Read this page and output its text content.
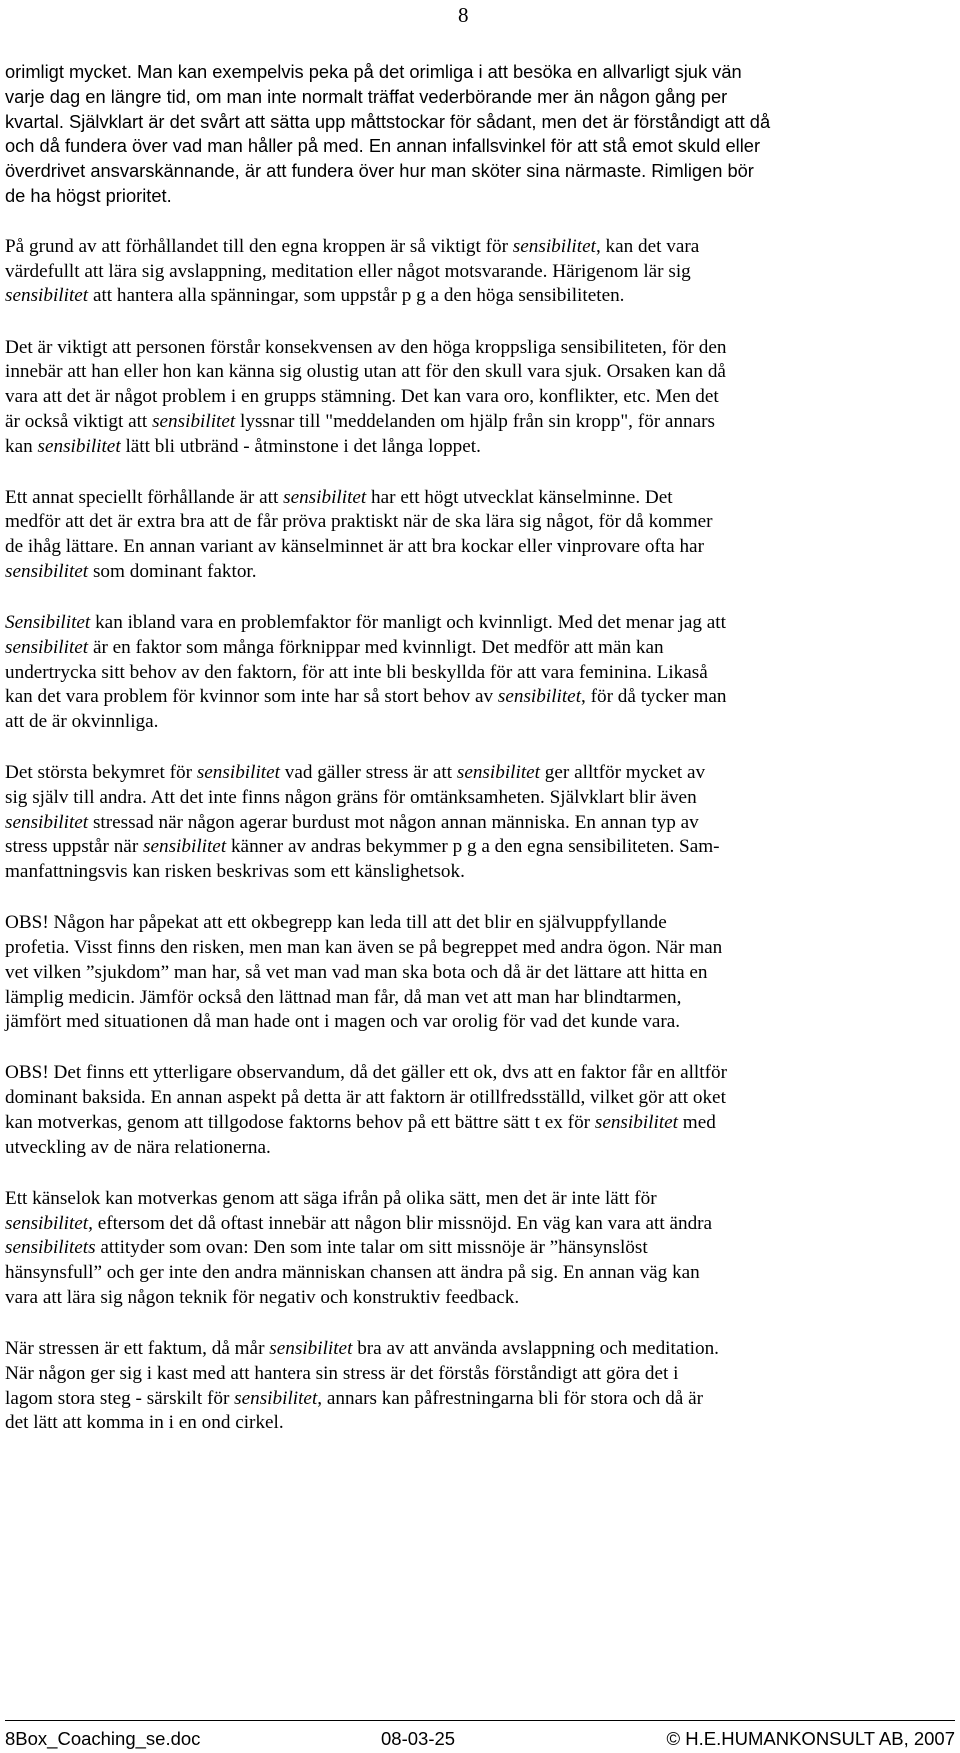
8

orimligt mycket. Man kan exempelvis peka på det orimliga i att besöka en allvarligt sjuk vän
varje dag en längre tid, om man inte normalt träffat vederbörande mer än någon gång per
kvartal. Självklart är det svårt att sätta upp måttstockar för sådant, men det är förståndigt att då
och då fundera över vad man håller på med. En annan infallsvinkel för att stå emot skuld eller
överdrivet ansvarskännande, är att fundera över hur man sköter sina närmaste. Rimligen bör
de ha högst prioritet.

På grund av att förhållandet till den egna kroppen är så viktigt för sensibilitet, kan det vara
värdefullt att lära sig avslappning, meditation eller något motsvarande. Härigenom lär sig
sensibilitet att hantera alla spänningar, som uppstår p g a den höga sensibiliteten.

Det är viktigt att personen förstår konsekvensen av den höga kroppsliga sensibiliteten, för den
innebär att han eller hon kan känna sig olustig utan att för den skull vara sjuk. Orsaken kan då
vara att det är något problem i en grupps stämning. Det kan vara oro, konflikter, etc. Men det
är också viktigt att sensibilitet lyssnar till "meddelanden om hjälp från sin kropp", för annars
kan sensibilitet lätt bli utbränd - åtminstone i det långa loppet.

Ett annat speciellt förhållande är att sensibilitet har ett högt utvecklat känselminne. Det
medför att det är extra bra att de får pröva praktiskt när de ska lära sig något, för då kommer
de ihåg lättare. En annan variant av känselminnet är att bra kockar eller vinprovare ofta har
sensibilitet som dominant faktor.

Sensibilitet kan ibland vara en problemfaktor för manligt och kvinnligt. Med det menar jag att
sensibilitet är en faktor som många förknippar med kvinnligt. Det medför att män kan
undertrycka sitt behov av den faktorn, för att inte bli beskyllda för att vara feminina. Likaså
kan det vara problem för kvinnor som inte har så stort behov av sensibilitet, för då tycker man
att de är okvinnliga.

Det största bekymret för sensibilitet vad gäller stress är att sensibilitet ger alltför mycket av
sig själv till andra. Att det inte finns någon gräns för omtänksamheten. Självklart blir även
sensibilitet stressad när någon agerar burdust mot någon annan människa. En annan typ av
stress uppstår när sensibilitet känner av andras bekymmer p g a den egna sensibiliteten. Sam-
manfattningsvis kan risken beskrivas som ett känslighetsok.

OBS! Någon har påpekat att ett okbegrepp kan leda till att det blir en självuppfyllande
profetia. Visst finns den risken, men man kan även se på begreppet med andra ögon. När man
vet vilken ”sjukdom” man har, så vet man vad man ska bota och då är det lättare att hitta en
lämplig medicin. Jämför också den lättnad man får, då man vet att man har blindtarmen,
jämfört med situationen då man hade ont i magen och var orolig för vad det kunde vara.

OBS! Det finns ett ytterligare observandum, då det gäller ett ok, dvs att en faktor får en alltför
dominant baksida. En annan aspekt på detta är att faktorn är otillfredsställd, vilket gör att oket
kan motverkas, genom att tillgodose faktorns behov på ett bättre sätt t ex för sensibilitet med
utveckling av de nära relationerna.

Ett känselok kan motverkas genom att säga ifrån på olika sätt, men det är inte lätt för
sensibilitet, eftersom det då oftast innebär att någon blir missnöjd. En väg kan vara att ändra
sensibilitets attityder som ovan: Den som inte talar om sitt missnöje är ”hänsynslöst
hänsynsfull” och ger inte den andra människan chansen att ändra på sig. En annan väg kan
vara att lära sig någon teknik för negativ och konstruktiv feedback.

När stressen är ett faktum, då mår sensibilitet bra av att använda avslappning och meditation.
När någon ger sig i kast med att hantera sin stress är det förstås förståndigt att göra det i
lagom stora steg - särskilt för sensibilitet, annars kan påfrestningarna bli för stora och då är
det lätt att komma in i en ond cirkel.

8Box_Coaching_se.doc	08-03-25	© H.E.HUMANKONSULT AB, 2007
